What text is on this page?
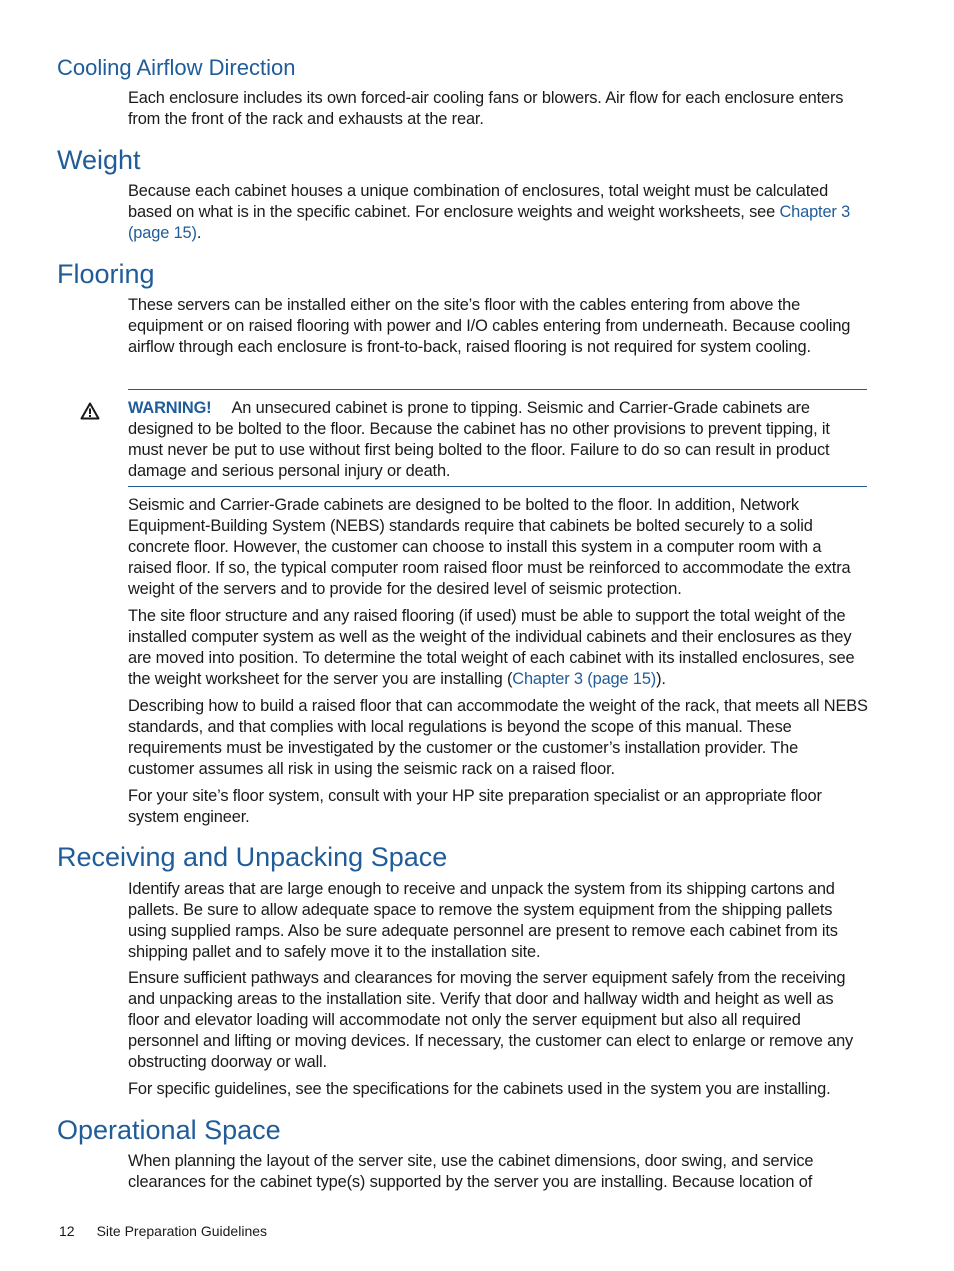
Cooling Airflow Direction

Each enclosure includes its own forced-air cooling fans or blowers. Air flow for each enclosure enters from the front of the rack and exhausts at the rear.

Weight

Because each cabinet houses a unique combination of enclosures, total weight must be calculated based on what is in the specific cabinet. For enclosure weights and weight worksheets, see Chapter 3 (page 15).

Flooring

These servers can be installed either on the site’s floor with the cables entering from above the equipment or on raised flooring with power and I/O cables entering from underneath. Because cooling airflow through each enclosure is front-to-back, raised flooring is not required for system cooling.

WARNING! An unsecured cabinet is prone to tipping. Seismic and Carrier-Grade cabinets are designed to be bolted to the floor. Because the cabinet has no other provisions to prevent tipping, it must never be put to use without first being bolted to the floor. Failure to do so can result in product damage and serious personal injury or death.

Seismic and Carrier-Grade cabinets are designed to be bolted to the floor. In addition, Network Equipment-Building System (NEBS) standards require that cabinets be bolted securely to a solid concrete floor. However, the customer can choose to install this system in a computer room with a raised floor. If so, the typical computer room raised floor must be reinforced to accommodate the extra weight of the servers and to provide for the desired level of seismic protection.

The site floor structure and any raised flooring (if used) must be able to support the total weight of the installed computer system as well as the weight of the individual cabinets and their enclosures as they are moved into position. To determine the total weight of each cabinet with its installed enclosures, see the weight worksheet for the server you are installing (Chapter 3 (page 15)).

Describing how to build a raised floor that can accommodate the weight of the rack, that meets all NEBS standards, and that complies with local regulations is beyond the scope of this manual. These requirements must be investigated by the customer or the customer’s installation provider. The customer assumes all risk in using the seismic rack on a raised floor.

For your site’s floor system, consult with your HP site preparation specialist or an appropriate floor system engineer.

Receiving and Unpacking Space

Identify areas that are large enough to receive and unpack the system from its shipping cartons and pallets. Be sure to allow adequate space to remove the system equipment from the shipping pallets using supplied ramps. Also be sure adequate personnel are present to remove each cabinet from its shipping pallet and to safely move it to the installation site.

Ensure sufficient pathways and clearances for moving the server equipment safely from the receiving and unpacking areas to the installation site. Verify that door and hallway width and height as well as floor and elevator loading will accommodate not only the server equipment but also all required personnel and lifting or moving devices. If necessary, the customer can elect to enlarge or remove any obstructing doorway or wall.

For specific guidelines, see the specifications for the cabinets used in the system you are installing.

Operational Space

When planning the layout of the server site, use the cabinet dimensions, door swing, and service clearances for the cabinet type(s) supported by the server you are installing. Because location of

12 Site Preparation Guidelines
